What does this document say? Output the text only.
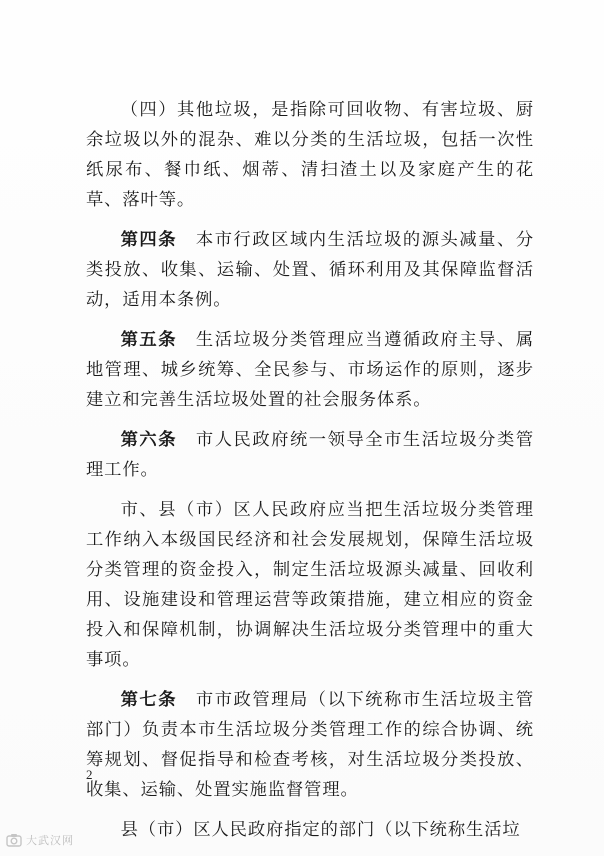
（四）其他垃圾，是指除可回收物、有害垃圾、厨余垃圾以外的混杂、难以分类的生活垃圾，包括一次性纸尿布、餐巾纸、烟蒂、清扫渣土以及家庭产生的花草、落叶等。

第四条　本市行政区域内生活垃圾的源头减量、分类投放、收集、运输、处置、循环利用及其保障监督活动，适用本条例。

第五条　生活垃圾分类管理应当遵循政府主导、属地管理、城乡统筹、全民参与、市场运作的原则，逐步建立和完善生活垃圾处置的社会服务体系。

第六条　市人民政府统一领导全市生活垃圾分类管理工作。

市、县（市）区人民政府应当把生活垃圾分类管理工作纳入本级国民经济和社会发展规划，保障生活垃圾分类管理的资金投入，制定生活垃圾源头减量、回收利用、设施建设和管理运营等政策措施，建立相应的资金投入和保障机制，协调解决生活垃圾分类管理中的重大事项。

第七条　市市政管理局（以下统称市生活垃圾主管部门）负责本市生活垃圾分类管理工作的综合协调、统筹规划、督促指导和检查考核，对生活垃圾分类投放、收集、运输、处置实施监督管理。

县（市）区人民政府指定的部门（以下统称生活垃

2
大武汉网
